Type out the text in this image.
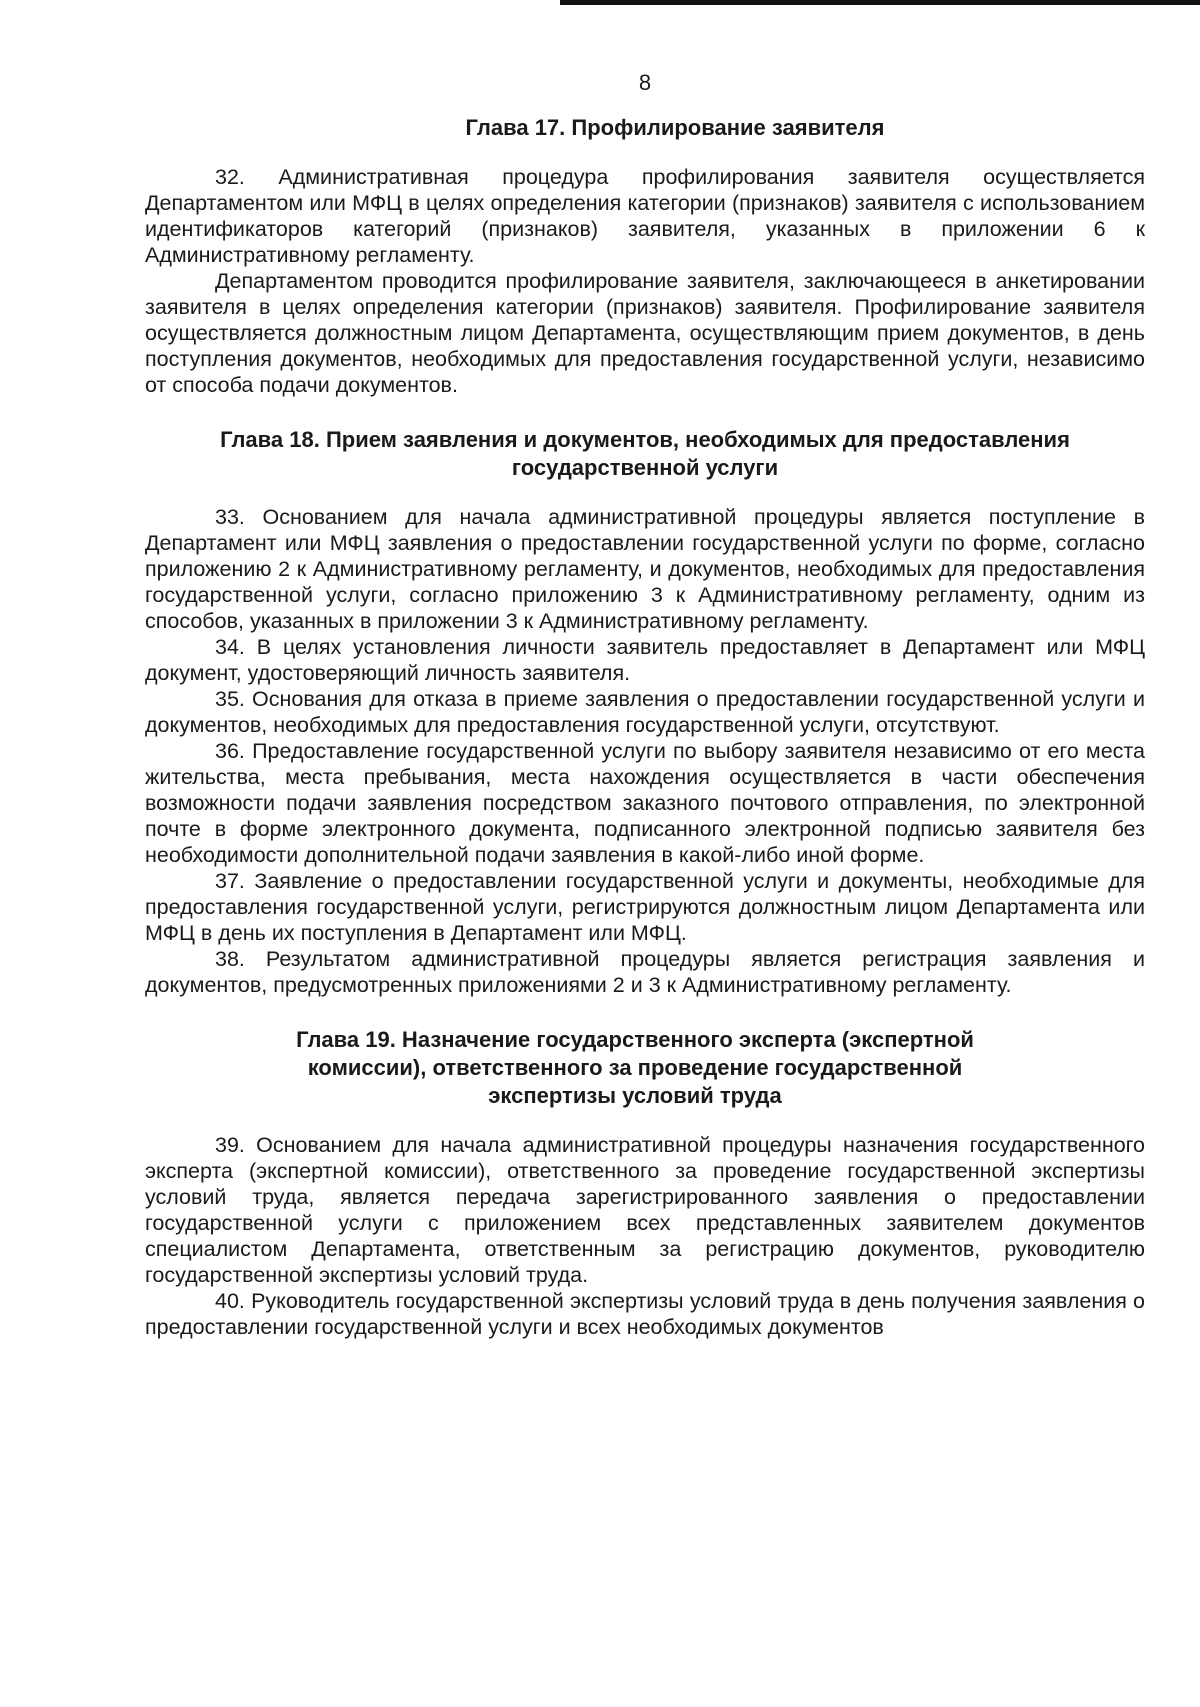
8
Глава 17. Профилирование заявителя

32. Административная процедура профилирования заявителя осуществляется Департаментом или МФЦ в целях определения категории (признаков) заявителя с использованием идентификаторов категорий (признаков) заявителя, указанных в приложении 6 к Административному регламенту.

Департаментом проводится профилирование заявителя, заключающееся в анкетировании заявителя в целях определения категории (признаков) заявителя. Профилирование заявителя осуществляется должностным лицом Департамента, осуществляющим прием документов, в день поступления документов, необходимых для предоставления государственной услуги, независимо от способа подачи документов.

Глава 18. Прием заявления и документов, необходимых для предоставления государственной услуги

33. Основанием для начала административной процедуры является поступление в Департамент или МФЦ заявления о предоставлении государственной услуги по форме, согласно приложению 2 к Административному регламенту, и документов, необходимых для предоставления государственной услуги, согласно приложению 3 к Административному регламенту, одним из способов, указанных в приложении 3 к Административному регламенту.

34. В целях установления личности заявитель предоставляет в Департамент или МФЦ документ, удостоверяющий личность заявителя.

35. Основания для отказа в приеме заявления о предоставлении государственной услуги и документов, необходимых для предоставления государственной услуги, отсутствуют.

36. Предоставление государственной услуги по выбору заявителя независимо от его места жительства, места пребывания, места нахождения осуществляется в части обеспечения возможности подачи заявления посредством заказного почтового отправления, по электронной почте в форме электронного документа, подписанного электронной подписью заявителя без необходимости дополнительной подачи заявления в какой-либо иной форме.

37. Заявление о предоставлении государственной услуги и документы, необходимые для предоставления государственной услуги, регистрируются должностным лицом Департамента или МФЦ в день их поступления в Департамент или МФЦ.

38. Результатом административной процедуры является регистрация заявления и документов, предусмотренных приложениями 2 и 3 к Административному регламенту.

Глава 19. Назначение государственного эксперта (экспертной комиссии), ответственного за проведение государственной экспертизы условий труда

39. Основанием для начала административной процедуры назначения государственного эксперта (экспертной комиссии), ответственного за проведение государственной экспертизы условий труда, является передача зарегистрированного заявления о предоставлении государственной услуги с приложением всех представленных заявителем документов специалистом Департамента, ответственным за регистрацию документов, руководителю государственной экспертизы условий труда.

40. Руководитель государственной экспертизы условий труда в день получения заявления о предоставлении государственной услуги и всех необходимых документов
